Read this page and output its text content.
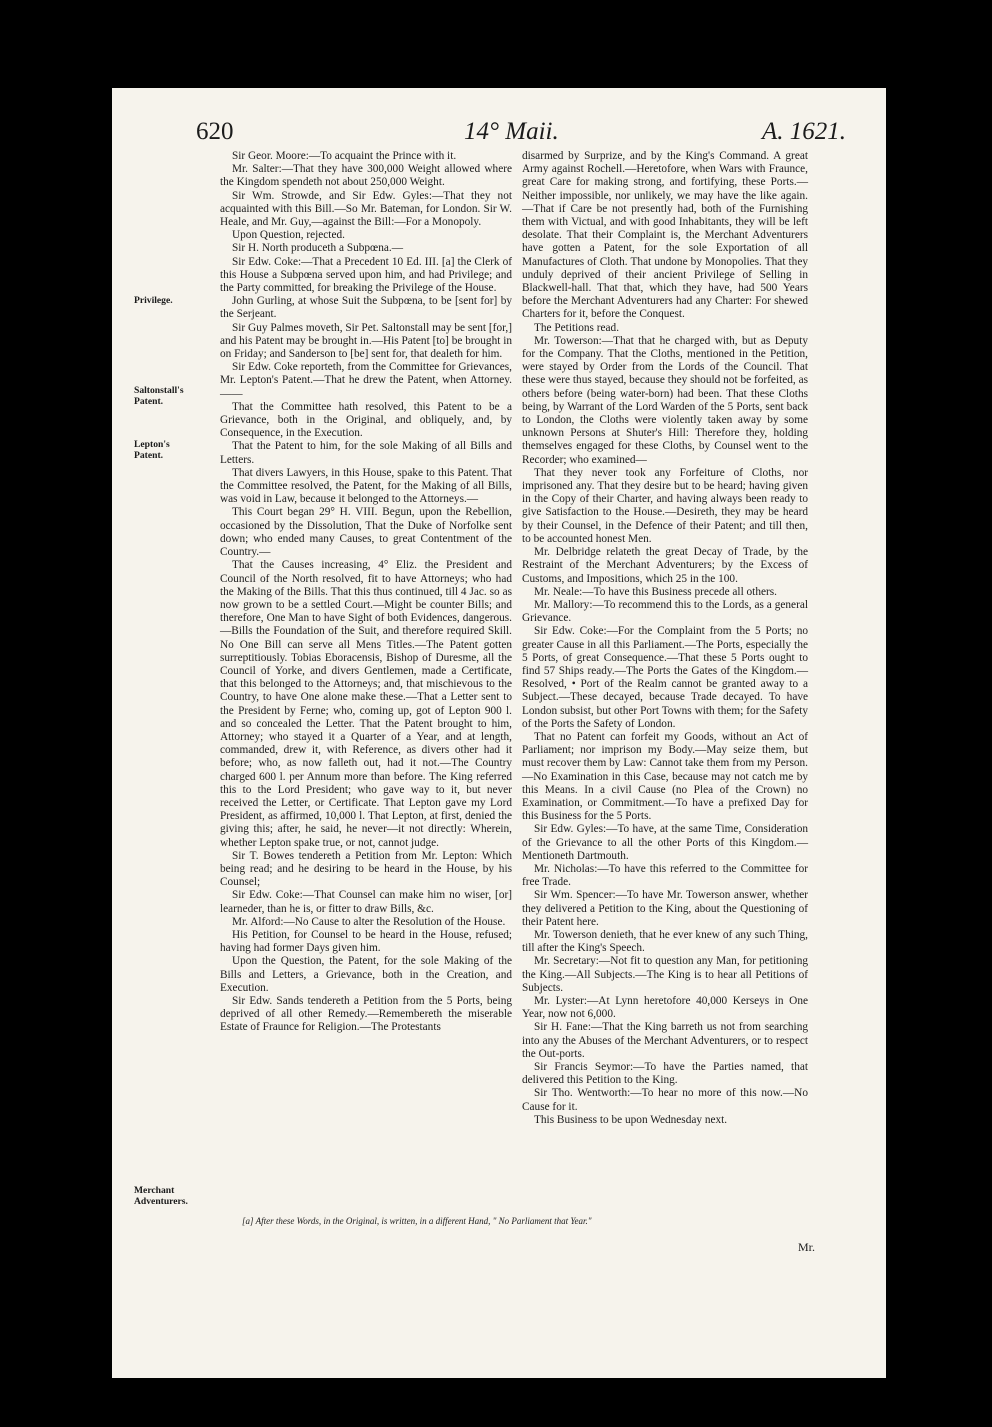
620	14° Maii.	A. 1621.
Privilege.
Saltonstall's Patent.
Lepton's Patent.
Merchant Adventurers.

Sir Geor. Moore:—To acquaint the Prince with it.

Mr. Salter:—That they have 300,000 Weight allowed where the Kingdom spendeth not about 250,000 Weight.

Sir Wm. Strowde, and Sir Edw. Gyles:—That they not acquainted with this Bill.—So Mr. Bateman, for London. Sir W. Heale, and Mr. Guy,—against the Bill:—For a Monopoly.

Upon Question, rejected.

Sir H. North produceth a Subpœna.—

Sir Edw. Coke:—That a Precedent 10 Ed. III. [a] the Clerk of this House a Subpœna served upon him, and had Privilege; and the Party committed, for breaking the Privilege of the House.

John Gurling, at whose Suit the Subpœna, to be [sent for] by the Serjeant.

Sir Guy Palmes moveth, Sir Pet. Saltonstall may be sent [for,] and his Patent may be brought in.—His Patent [to] be brought in on Friday; and Sanderson to [be] sent for, that dealeth for him.

Sir Edw. Coke reporteth, from the Committee for Grievances, Mr. Lepton's Patent.—That he drew the Patent, when Attorney.——

That the Committee hath resolved, this Patent to be a Grievance, both in the Original, and obliquely, and, by Consequence, in the Execution.

That the Patent to him, for the sole Making of all Bills and Letters.

That divers Lawyers, in this House, spake to this Patent. That the Committee resolved, the Patent, for the Making of all Bills, was void in Law, because it belonged to the Attorneys.—

This Court began 29° H. VIII. Begun, upon the Rebellion, occasioned by the Dissolution, That the Duke of Norfolke sent down; who ended many Causes, to great Contentment of the Country.—

That the Causes increasing, 4° Eliz. the President and Council of the North resolved, fit to have Attorneys; who had the Making of the Bills. That this thus continued, till 4 Jac. so as now grown to be a settled Court.—Might be counter Bills; and therefore, One Man to have Sight of both Evidences, dangerous.—Bills the Foundation of the Suit, and therefore required Skill. No One Bill can serve all Mens Titles.—The Patent gotten surreptitiously. Tobias Eboracensis, Bishop of Duresme, all the Council of Yorke, and divers Gentlemen, made a Certificate, that this belonged to the Attorneys; and, that mischievous to the Country, to have One alone make these.—That a Letter sent to the President by Ferne; who, coming up, got of Lepton 900 l. and so concealed the Letter. That the Patent brought to him, Attorney; who stayed it a Quarter of a Year, and at length, commanded, drew it, with Reference, as divers other had it before; who, as now falleth out, had it not.—The Country charged 600 l. per Annum more than before. The King referred this to the Lord President; who gave way to it, but never received the Letter, or Certificate. That Lepton gave my Lord President, as affirmed, 10,000 l. That Lepton, at first, denied the giving this; after, he said, he never—it not directly: Wherein, whether Lepton spake true, or not, cannot judge.

Sir T. Bowes tendereth a Petition from Mr. Lepton: Which being read; and he desiring to be heard in the House, by his Counsel;

Sir Edw. Coke:—That Counsel can make him no wiser, [or] learneder, than he is, or fitter to draw Bills, &c.

Mr. Alford:—No Cause to alter the Resolution of the House.

His Petition, for Counsel to be heard in the House, refused; having had former Days given him.

Upon the Question, the Patent, for the sole Making of the Bills and Letters, a Grievance, both in the Creation, and Execution.

Sir Edw. Sands tendereth a Petition from the 5 Ports, being deprived of all other Remedy.—Remembereth the miserable Estate of Fraunce for Religion.—The Protestants

disarmed by Surprize, and by the King's Command. A great Army against Rochell.—Heretofore, when Wars with Fraunce, great Care for making strong, and fortifying, these Ports.—Neither impossible, nor unlikely, we may have the like again.—That if Care be not presently had, both of the Furnishing them with Victual, and with good Inhabitants, they will be left desolate. That their Complaint is, the Merchant Adventurers have gotten a Patent, for the sole Exportation of all Manufactures of Cloth. That undone by Monopolies. That they unduly deprived of their ancient Privilege of Selling in Blackwell-hall. That that, which they have, had 500 Years before the Merchant Adventurers had any Charter: For shewed Charters for it, before the Conquest.

The Petitions read.

Mr. Towerson:—That that he charged with, but as Deputy for the Company. That the Cloths, mentioned in the Petition, were stayed by Order from the Lords of the Council. That these were thus stayed, because they should not be forfeited, as others before (being water-born) had been. That these Cloths being, by Warrant of the Lord Warden of the 5 Ports, sent back to London, the Cloths were violently taken away by some unknown Persons at Shuter's Hill: Therefore they, holding themselves engaged for these Cloths, by Counsel went to the Recorder; who examined—

That they never took any Forfeiture of Cloths, nor imprisoned any. That they desire but to be heard; having given in the Copy of their Charter, and having always been ready to give Satisfaction to the House.—Desireth, they may be heard by their Counsel, in the Defence of their Patent; and till then, to be accounted honest Men.

Mr. Delbridge relateth the great Decay of Trade, by the Restraint of the Merchant Adventurers; by the Excess of Customs, and Impositions, which 25 in the 100.

Mr. Neale:—To have this Business precede all others.

Mr. Mallory:—To recommend this to the Lords, as a general Grievance.

Sir Edw. Coke:—For the Complaint from the 5 Ports; no greater Cause in all this Parliament.—The Ports, especially the 5 Ports, of great Consequence.—That these 5 Ports ought to find 57 Ships ready.—The Ports the Gates of the Kingdom.—Resolved, • Port of the Realm cannot be granted away to a Subject.—These decayed, because Trade decayed. To have London subsist, but other Port Towns with them; for the Safety of the Ports the Safety of London.

That no Patent can forfeit my Goods, without an Act of Parliament; nor imprison my Body.—May seize them, but must recover them by Law: Cannot take them from my Person.—No Examination in this Case, because may not catch me by this Means. In a civil Cause (no Plea of the Crown) no Examination, or Commitment.—To have a prefixed Day for this Business for the 5 Ports.

Sir Edw. Gyles:—To have, at the same Time, Consideration of the Grievance to all the other Ports of this Kingdom.—Mentioneth Dartmouth.

Mr. Nicholas:—To have this referred to the Committee for free Trade.

Sir Wm. Spencer:—To have Mr. Towerson answer, whether they delivered a Petition to the King, about the Questioning of their Patent here.

Mr. Towerson denieth, that he ever knew of any such Thing, till after the King's Speech.

Mr. Secretary:—Not fit to question any Man, for petitioning the King.—All Subjects.—The King is to hear all Petitions of Subjects.

Mr. Lyster:—At Lynn heretofore 40,000 Kerseys in One Year, now not 6,000.

Sir H. Fane:—That the King barreth us not from searching into any the Abuses of the Merchant Adventurers, or to respect the Out-ports.

Sir Francis Seymor:—To have the Parties named, that delivered this Petition to the King.

Sir Tho. Wentworth:—To hear no more of this now.—No Cause for it.

This Business to be upon Wednesday next.

[a] After these Words, in the Original, is written, in a different Hand, " No Parliament that Year."
Mr.
